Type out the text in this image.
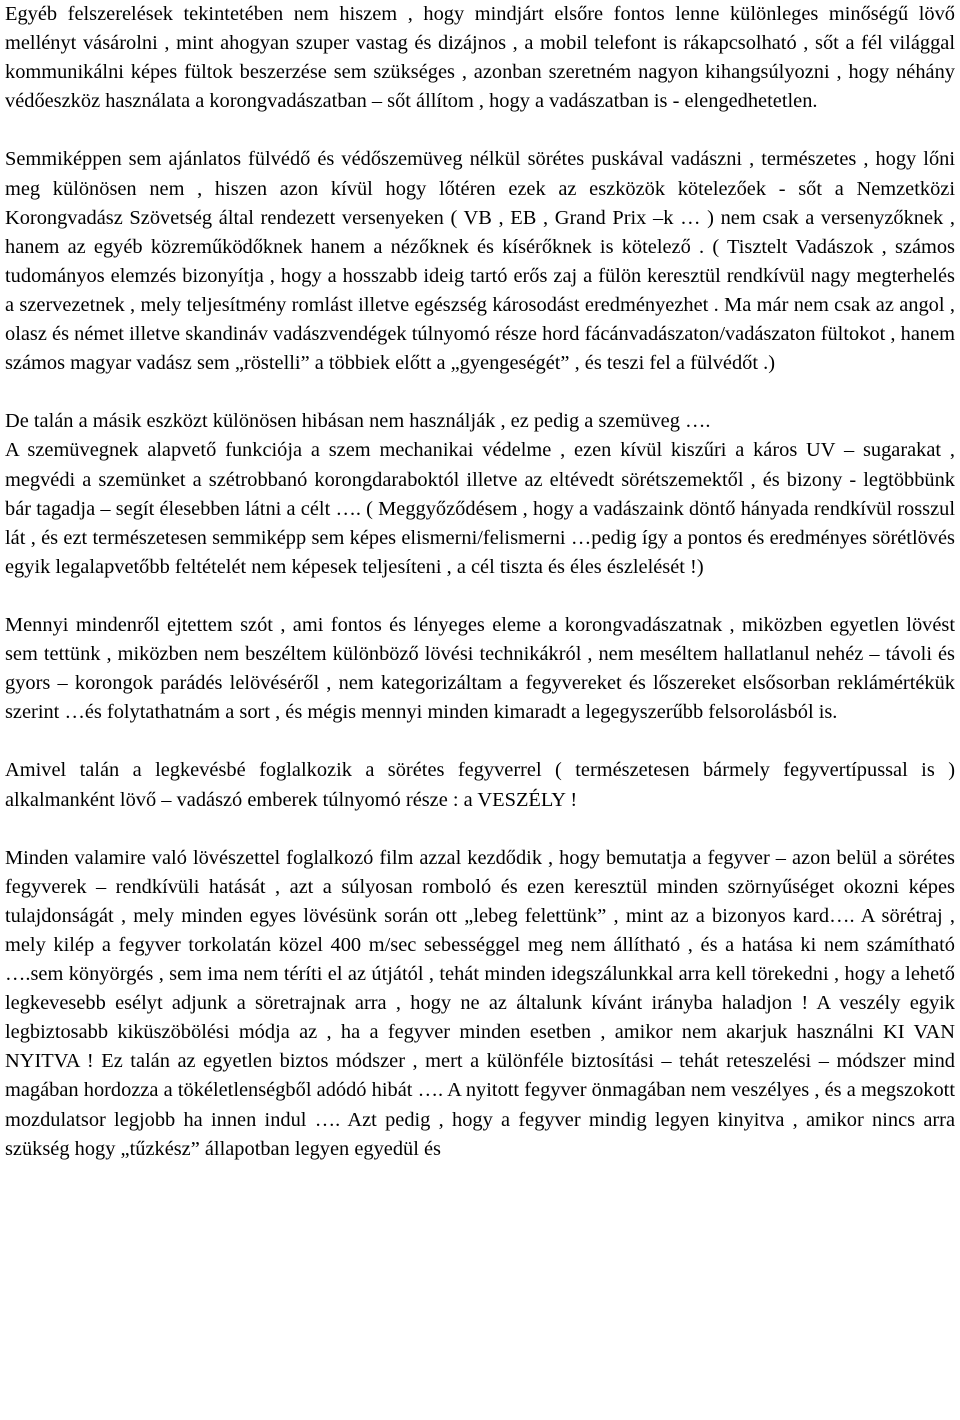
Egyéb felszerelések tekintetében nem hiszem , hogy mindjárt elsőre fontos lenne különleges minőségű lövő mellényt vásárolni , mint ahogyan szuper vastag és dizájnos , a mobil telefont is rákapcsolható , sőt a fél világgal kommunikálni képes fültok beszerzése sem szükséges , azonban szeretném nagyon kihangsúlyozni , hogy néhány védőeszköz használata a korongvadászatban – sőt állítom , hogy a vadászatban is - elengedhetetlen.

Semmiképpen sem ajánlatos fülvédő és védőszemüveg nélkül sörétes puskával vadászni , természetes , hogy lőni meg különösen nem , hiszen azon kívül hogy lőtéren ezek az eszközök kötelezőek - sőt a Nemzetközi Korongvadász Szövetség által rendezett versenyeken ( VB , EB , Grand Prix –k … ) nem csak a versenyzőknek , hanem az egyéb közreműködőknek hanem a nézőknek és kísérőknek is kötelező . ( Tisztelt Vadászok , számos tudományos elemzés bizonyítja , hogy a hosszabb ideig tartó erős zaj a fülön keresztül rendkívül nagy megterhelés a szervezetnek , mely teljesítmény romlást illetve egészség károsodást eredményezhet . Ma már nem csak az angol , olasz és német illetve skandináv vadászvendégek túlnyomó része hord fácánvadászaton/vadászaton fültokot , hanem számos magyar vadász sem „röstelli” a többiek előtt a „gyengeségét” , és teszi fel a fülvédőt .)

De talán a másik eszközt különösen hibásan nem használják , ez pedig a szemüveg ….

A szemüvegnek alapvető funkciója a szem mechanikai védelme , ezen kívül kiszűri a káros UV – sugarakat , megvédi a szemünket a szétrobbanó korongdaraboktól illetve az eltévedt sörétszemektől , és bizony - legtöbbünk bár tagadja – segít élesebben látni a célt …. ( Meggyőződésem , hogy a vadászaink döntő hányada rendkívül rosszul lát , és ezt természetesen semmiképp sem képes elismerni/felismerni …pedig így a pontos és eredményes sörétlövés egyik legalapvetőbb feltételét nem képesek teljesíteni , a cél tiszta és éles észlelését !)

Mennyi mindenről ejtettem szót , ami fontos és lényeges eleme a korongvadászatnak , miközben egyetlen lövést sem tettünk , miközben nem beszéltem különböző lövési technikákról , nem meséltem hallatlanul nehéz – távoli és gyors – korongok parádés lelövéséről , nem kategorizáltam a fegyvereket és lőszereket elsősorban reklámértékük szerint …és folytathatnám a sort , és mégis mennyi minden kimaradt a legegyszerűbb felsorolásból is.

Amivel talán a legkevésbé foglalkozik a sörétes fegyverrel ( természetesen bármely fegyvertípussal is ) alkalmanként lövő – vadászó emberek túlnyomó része : a VESZÉLY !

Minden valamire való lövészettel foglalkozó film azzal kezdődik , hogy bemutatja a fegyver – azon belül a sörétes fegyverek – rendkívüli hatását , azt a súlyosan romboló és ezen keresztül minden szörnyűséget okozni képes tulajdonságát , mely minden egyes lövésünk során ott „lebeg felettünk” , mint az a bizonyos kard…. A sörétraj , mely kilép a fegyver torkolatán közel 400 m/sec sebességgel meg nem állítható , és a hatása ki nem számítható ….sem könyörgés , sem ima nem téríti el az útjától , tehát minden idegszálunkkal arra kell törekedni , hogy a lehető legkevesebb esélyt adjunk a söretrajnak arra , hogy ne az általunk kívánt irányba haladjon ! A veszély egyik legbiztosabb kiküszöbölési módja az , ha a fegyver minden esetben , amikor nem akarjuk használni KI VAN NYITVA ! Ez talán az egyetlen biztos módszer , mert a különféle biztosítási – tehát reteszelési – módszer mind magában hordozza a tökéletlenségből adódó hibát …. A nyitott fegyver önmagában nem veszélyes , és a megszokott mozdulatsor legjobb ha innen indul …. Azt pedig , hogy a fegyver mindig legyen kinyitva , amikor nincs arra szükség hogy „tűzkész” állapotban legyen egyedül és
